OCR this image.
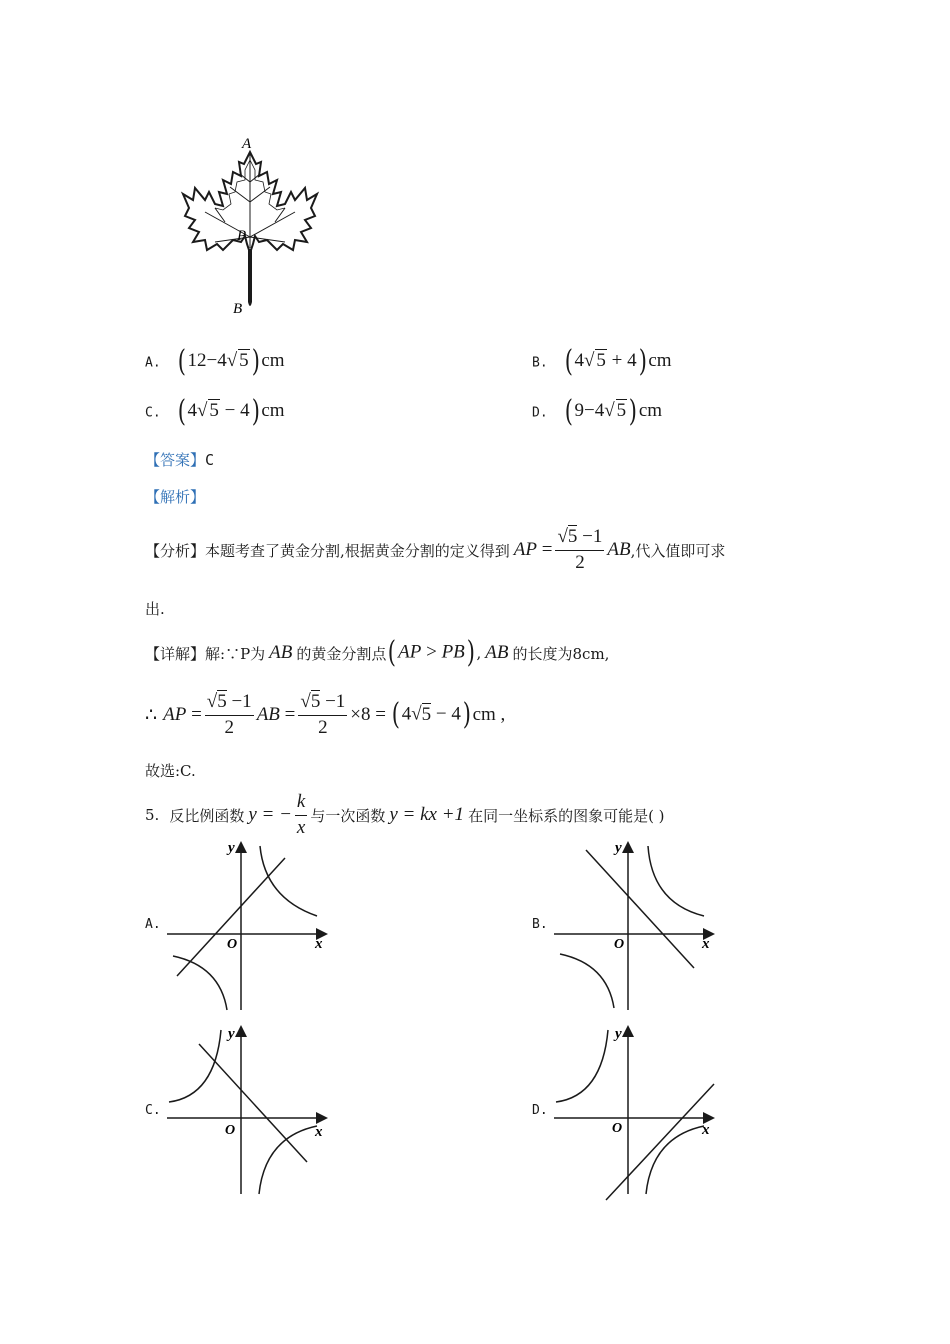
A
P
B
A. (12−4√ 5)cm	B. (4√ 5 + 4)cm
C. (4√ 5 − 4)cm	D. (9−4√ 5)cm
【答案】C
【解析】
【分析】 本题考查了黄金分割,根据黄金分割的定义得到 AP = $\frac{√5 -1}{2}$ AB ,代入值即可求
出.
【详解】 解:∵P为 AB 的黄金分割点 (AP > PB) , AB 的长度为8cm,
∴ AP = $\frac{√5 -1}{2}$ AB = $\frac{√5 -1}{2} \times 8 = (4√5 - 4)$ cm ,
故选:C.
5. 反比例函数 y = − $\frac{k}{x}$ 与一次函数 y = kx +1 在同一坐标系的图象可能是( )
A.
y
x
O
B.
y
x
O
C.
y
x
O
D.
y
x
O
